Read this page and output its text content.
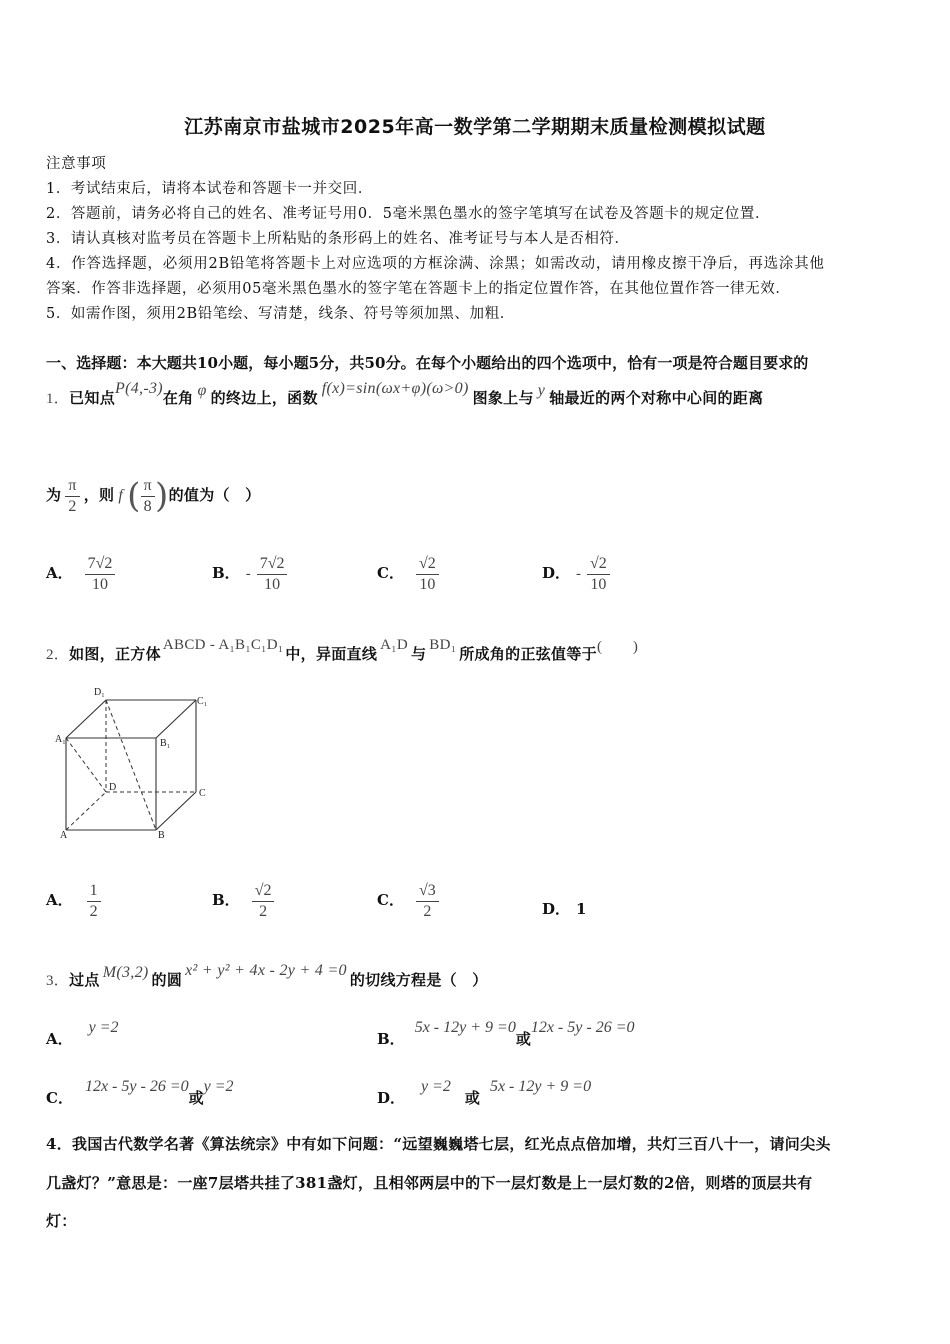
江苏南京市盐城市2025年高一数学第二学期期末质量检测模拟试题
注意事项
1．考试结束后，请将本试卷和答题卡一并交回．
2．答题前，请务必将自己的姓名、准考证号用0．5毫米黑色墨水的签字笔填写在试卷及答题卡的规定位置．
3．请认真核对监考员在答题卡上所粘贴的条形码上的姓名、准考证号与本人是否相符．
4．作答选择题，必须用2B铅笔将答题卡上对应选项的方框涂满、涂黑；如需改动，请用橡皮擦干净后，再选涂其他
答案．作答非选择题，必须用05毫米黑色墨水的签字笔在答题卡上的指定位置作答，在其他位置作答一律无效．
5．如需作图，须用2B铅笔绘、写清楚，线条、符号等须加黑、加粗．
一、选择题：本大题共10小题，每小题5分，共50分。在每个小题给出的四个选项中，恰有一项是符合题目要求的
1．已知点P(4,-3)在角 φ 的终边上，函数f(x)=sin(ωx+φ)(ω>0)图象上与 y 轴最近的两个对称中心间的距离
为 $\frac{\pi}{2}$ ，则 f ( $\frac{\pi}{8}$ )的值为（　）
A． $\frac{7√2}{10}$	B． - $\frac{7√2}{10}$	C． $\frac{√2}{10}$	D． - $\frac{√2}{10}$
2．如图，正方体 ABCD - A₁B₁C₁D₁ 中，异面直线 A₁D 与 BD₁ 所成角的正弦值等于(　　)
D₁
C₁
A₁	B₁
D
C
A	B
A． $\frac{1}{2}$	B． $\frac{√2}{2}$	C． $\frac{√3}{2}$	D． 1
3．过点 M(3,2) 的圆x² + y² + 4x - 2y + 4 =0的切线方程是（　）
A．y =2
B．5x - 12y + 9 =0或12x - 5y - 26 =0
C．12x - 5y - 26 =0或y =2
D．y =2或5x - 12y + 9 =0
4．我国古代数学名著《算法统宗》中有如下问题：“远望巍巍塔七层，红光点点倍加增，共灯三百八十一，请问尖头
几盏灯？”意思是：一座7层塔共挂了381盏灯，且相邻两层中的下一层灯数是上一层灯数的2倍，则塔的顶层共有
灯：
